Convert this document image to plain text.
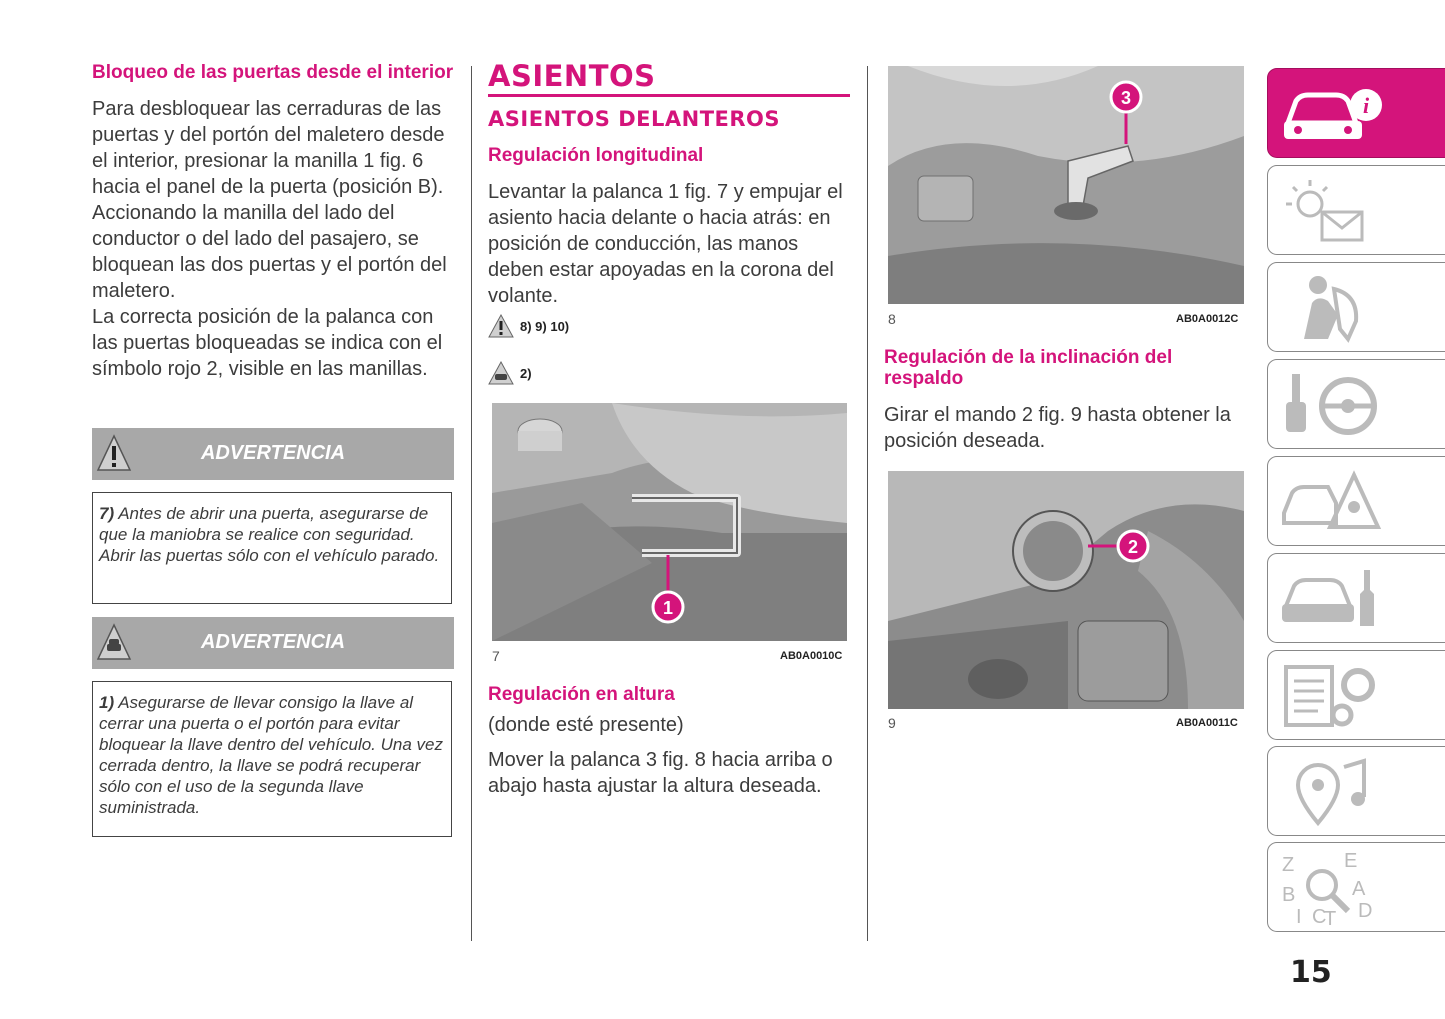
Bloqueo de las puertas desde el interior

Para desbloquear las cerraduras de las puertas y del portón del maletero desde el interior, presionar la manilla 1 fig. 6 hacia el panel de la puerta (posición B). Accionando la manilla del lado del conductor o del lado del pasajero, se bloquean las dos puertas y el portón del maletero.

La correcta posición de la palanca con las puertas bloqueadas se indica con el símbolo rojo 2, visible en las manillas.

ADVERTENCIA
7) Antes de abrir una puerta, asegurarse de que la maniobra se realice con seguridad. Abrir las puertas sólo con el vehículo parado.
ADVERTENCIA
1) Asegurarse de llevar consigo la llave al cerrar una puerta o el portón para evitar bloquear la llave dentro del vehículo. Una vez cerrada dentro, la llave se podrá recuperar sólo con el uso de la segunda llave suministrada.
ASIENTOS
ASIENTOS DELANTEROS
Regulación longitudinal

Levantar la palanca 1 fig. 7 y empujar el asiento hacia delante o hacia atrás: en posición de conducción, las manos deben estar apoyadas en la corona del volante.

8) 9) 10)
2)
1
7	AB0A0010C
Regulación en altura

(donde esté presente)

Mover la palanca 3 fig. 8 hacia arriba o abajo hasta ajustar la altura deseada.

3
8	AB0A0012C
Regulación de la inclinación del respaldo

Girar el mando 2 fig. 9 hasta obtener la posición deseada.

2
9	AB0A0011C
i
Z E
B	A
I C
T D
15
